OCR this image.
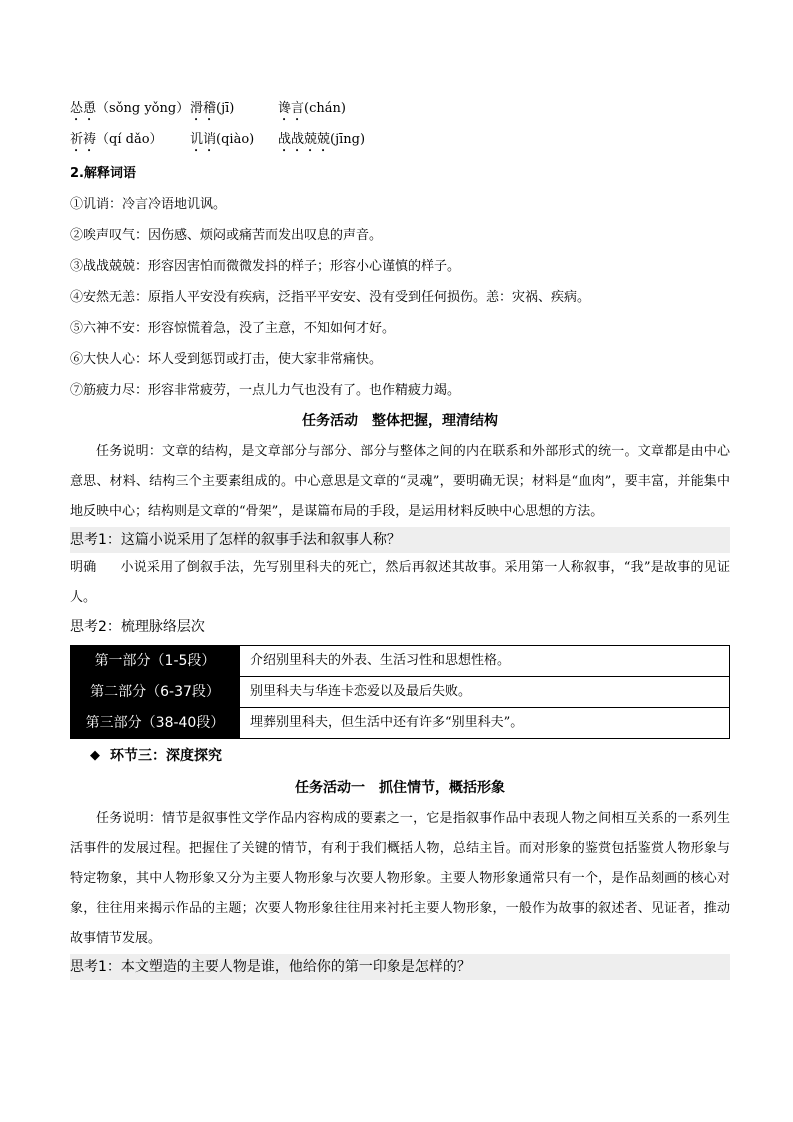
怂恿（sǒng yǒng） 滑稽(jī)	谗言(chán)
祈祷（qí dǎo）	讥诮(qiào)	战战兢兢(jīng)
2.解释词语
①讥诮：冷言冷语地讥讽。
②唉声叹气：因伤感、烦闷或痛苦而发出叹息的声音。
③战战兢兢：形容因害怕而微微发抖的样子；形容小心谨慎的样子。
④安然无恙：原指人平安没有疾病，泛指平平安安、没有受到任何损伤。恙：灾祸、疾病。
⑤六神不安：形容惊慌着急，没了主意，不知如何才好。
⑥大快人心：坏人受到惩罚或打击，使大家非常痛快。
⑦筋疲力尽：形容非常疲劳，一点儿力气也没有了。也作精疲力竭。
任务活动　整体把握，理清结构

任务说明：文章的结构，是文章部分与部分、部分与整体之间的内在联系和外部形式的统一。文章都是由中心意思、材料、结构三个主要素组成的。中心意思是文章的“灵魂”，要明确无误；材料是“血肉”，要丰富，并能集中地反映中心；结构则是文章的“骨架”，是谋篇布局的手段，是运用材料反映中心思想的方法。

思考1：这篇小说采用了怎样的叙事手法和叙事人称？

明确 小说采用了倒叙手法，先写别里科夫的死亡，然后再叙述其故事。采用第一人称叙事，“我”是故事的见证人。

思考2：梳理脉络层次
第一部分（1-5段）	介绍别里科夫的外表、生活习性和思想性格。
第二部分（6-37段）	别里科夫与华连卡恋爱以及最后失败。
第三部分（38-40段）	埋葬别里科夫，但生活中还有许多“别里科夫”。
◆ 环节三：深度探究
任务活动一　抓住情节，概括形象

任务说明：情节是叙事性文学作品内容构成的要素之一，它是指叙事作品中表现人物之间相互关系的一系列生活事件的发展过程。把握住了关键的情节，有利于我们概括人物，总结主旨。而对形象的鉴赏包括鉴赏人物形象与特定物象，其中人物形象又分为主要人物形象与次要人物形象。主要人物形象通常只有一个，是作品刻画的核心对象，往往用来揭示作品的主题；次要人物形象往往用来衬托主要人物形象，一般作为故事的叙述者、见证者，推动故事情节发展。

思考1：本文塑造的主要人物是谁，他给你的第一印象是怎样的？
